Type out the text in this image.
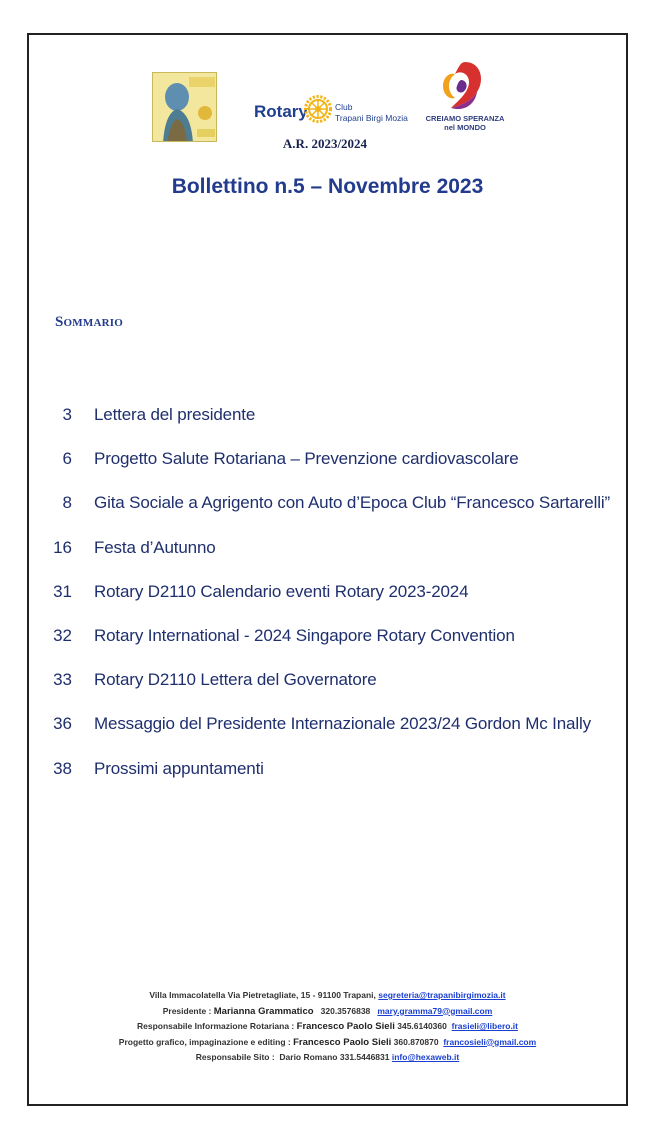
Rotary	Club
Trapani Birgi Mozia
A.R. 2023/2024
CREIAMO SPERANZA
nel MONDO
Bollettino n.5 – Novembre 2023
Sommario
3 Lettera del presidente
6 Progetto Salute Rotariana – Prevenzione cardiovascolare
8 Gita Sociale a Agrigento con Auto d’Epoca Club “Francesco Sartarelli”
16 Festa d’Autunno
31 Rotary D2110 Calendario eventi Rotary 2023-2024
32 Rotary International - 2024 Singapore Rotary Convention
33 Rotary D2110 Lettera del Governatore
36 Messaggio del Presidente Internazionale 2023/24 Gordon Mc Inally
38 Prossimi appuntamenti
Villa Immacolatella Via Pietretagliate, 15 - 91100 Trapani, segreteria@trapanibirgimozia.it
Presidente : Marianna Grammatico 320.3576838 mary.gramma79@gmail.com
Responsabile Informazione Rotariana : Francesco Paolo Sieli 345.6140360 frasieli@libero.it
Progetto grafico, impaginazione e editing : Francesco Paolo Sieli 360.870870 francosieli@gmail.com
Responsabile Sito : Dario Romano 331.5446831 info@hexaweb.it
